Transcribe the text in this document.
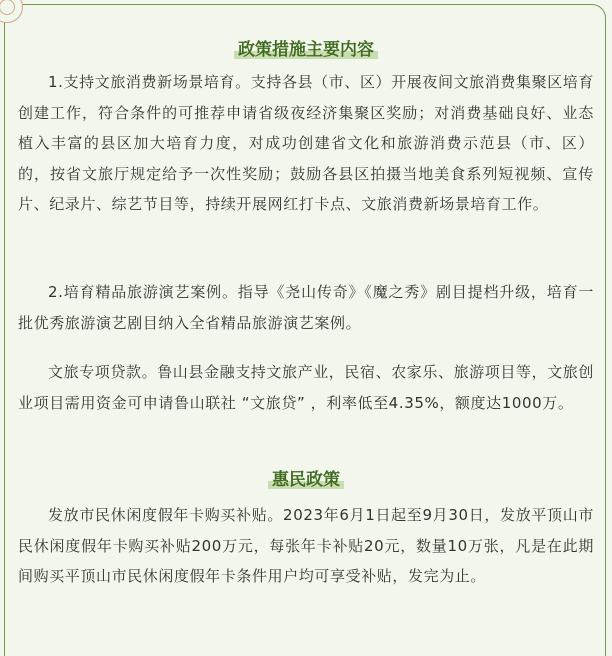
政策措施主要内容

1.支持文旅消费新场景培育。支持各县（市、区）开展夜间文旅消费集聚区培育创建工作，符合条件的可推荐申请省级夜经济集聚区奖励；对消费基础良好、业态植入丰富的县区加大培育力度，对成功创建省文化和旅游消费示范县（市、区）的，按省文旅厅规定给予一次性奖励；鼓励各县区拍摄当地美食系列短视频、宣传片、纪录片、综艺节目等，持续开展网红打卡点、文旅消费新场景培育工作。

2.培育精品旅游演艺案例。指导《尧山传奇》《魔之秀》剧目提档升级，培育一批优秀旅游演艺剧目纳入全省精品旅游演艺案例。

文旅专项贷款。鲁山县金融支持文旅产业，民宿、农家乐、旅游项目等，文旅创业项目需用资金可申请鲁山联社 “文旅贷” ，利率低至4.35%，额度达1000万。

惠民政策

发放市民休闲度假年卡购买补贴。2023年6月1日起至9月30日，发放平顶山市民休闲度假年卡购买补贴200万元，每张年卡补贴20元，数量10万张，凡是在此期间购买平顶山市民休闲度假年卡条件用户均可享受补贴，发完为止。
